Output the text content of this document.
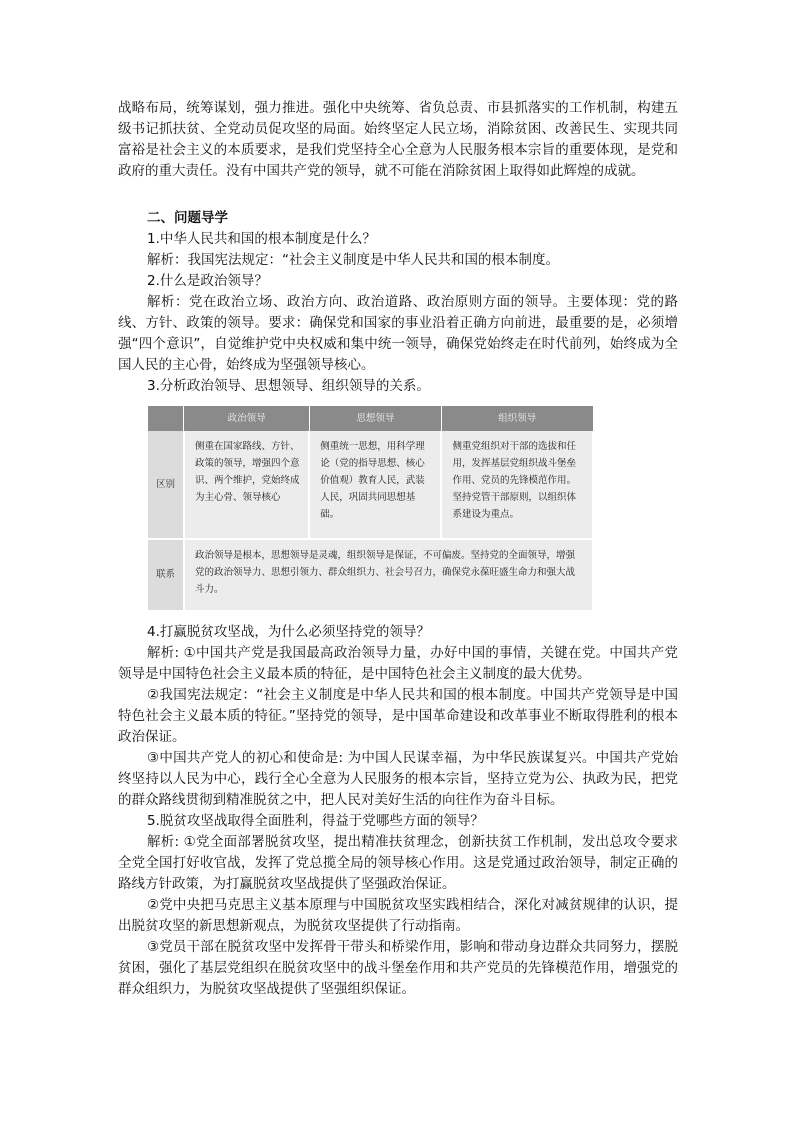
战略布局，统筹谋划，强力推进。强化中央统筹、省负总责、市县抓落实的工作机制，构建五级书记抓扶贫、全党动员促攻坚的局面。始终坚定人民立场，消除贫困、改善民生、实现共同富裕是社会主义的本质要求，是我们党坚持全心全意为人民服务根本宗旨的重要体现，是党和政府的重大责任。没有中国共产党的领导，就不可能在消除贫困上取得如此辉煌的成就。

二、问题导学

1.中华人民共和国的根本制度是什么？

解析：我国宪法规定：“社会主义制度是中华人民共和国的根本制度。

2.什么是政治领导？

解析：党在政治立场、政治方向、政治道路、政治原则方面的领导。主要体现：党的路线、方针、政策的领导。要求：确保党和国家的事业沿着正确方向前进，最重要的是，必须增强“四个意识”，自觉维护党中央权威和集中统一领导，确保党始终走在时代前列，始终成为全国人民的主心骨，始终成为坚强领导核心。

3.分析政治领导、思想领导、组织领导的关系。

	政治领导	思想领导	组织领导
区别	侧重在国家路线、方针、政策的领导，增强四个意识、两个维护，党始终成为主心骨、领导核心	侧重统一思想，用科学理论（党的指导思想、核心价值观）教育人民，武装人民，巩固共同思想基础。	侧重党组织对干部的选拔和任用，发挥基层党组织战斗堡垒作用、党员的先锋模范作用。坚持党管干部原则，以组织体系建设为重点。
联系	政治领导是根本，思想领导是灵魂，组织领导是保证，不可偏废。坚持党的全面领导，增强党的政治领导力、思想引领力、群众组织力、社会号召力，确保党永葆旺盛生命力和强大战斗力。		

4.打赢脱贫攻坚战，为什么必须坚持党的领导？

解析: ①中国共产党是我国最高政治领导力量，办好中国的事情，关键在党。中国共产党领导是中国特色社会主义最本质的特征，是中国特色社会主义制度的最大优势。

②我国宪法规定：“社会主义制度是中华人民共和国的根本制度。中国共产党领导是中国特色社会主义最本质的特征。”坚持党的领导，是中国革命建设和改革事业不断取得胜利的根本政治保证。

③中国共产党人的初心和使命是: 为中国人民谋幸福，为中华民族谋复兴。中国共产党始终坚持以人民为中心，践行全心全意为人民服务的根本宗旨，坚持立党为公、执政为民，把党的群众路线贯彻到精准脱贫之中，把人民对美好生活的向往作为奋斗目标。

5.脱贫攻坚战取得全面胜利，得益于党哪些方面的领导？

解析: ①党全面部署脱贫攻坚，提出精准扶贫理念，创新扶贫工作机制，发出总攻令要求全党全国打好收官战，发挥了党总揽全局的领导核心作用。这是党通过政治领导，制定正确的路线方针政策，为打赢脱贫攻坚战提供了坚强政治保证。

②党中央把马克思主义基本原理与中国脱贫攻坚实践相结合，深化对减贫规律的认识，提出脱贫攻坚的新思想新观点，为脱贫攻坚提供了行动指南。

③党员干部在脱贫攻坚中发挥骨干带头和桥梁作用，影响和带动身边群众共同努力，摆脱贫困，强化了基层党组织在脱贫攻坚中的战斗堡垒作用和共产党员的先锋模范作用，增强党的群众组织力，为脱贫攻坚战提供了坚强组织保证。
